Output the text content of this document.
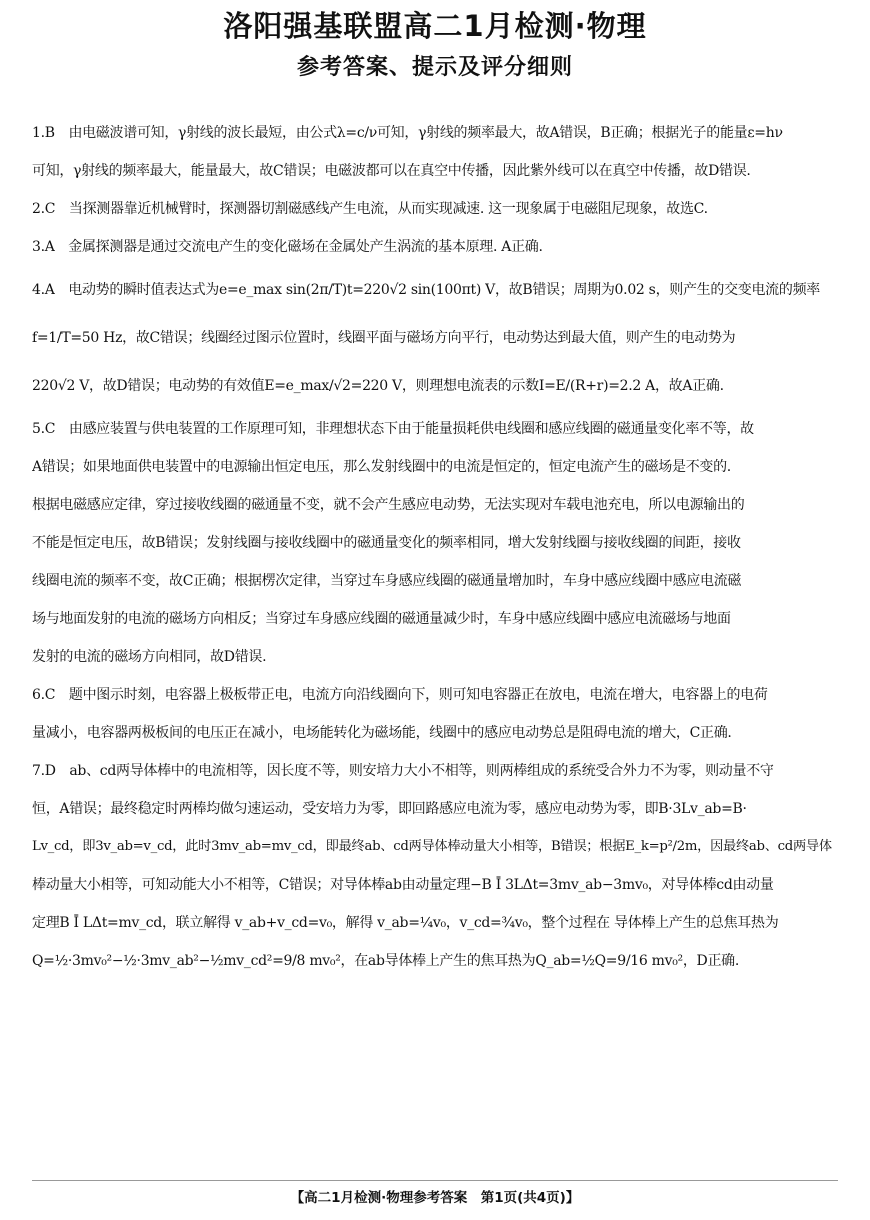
洛阳强基联盟高二1月检测·物理
参考答案、提示及评分细则
1.B　由电磁波谱可知，γ射线的波长最短，由公式λ=c/ν可知，γ射线的频率最大，故A错误，B正确；根据光子的能量ε=hν
可知，γ射线的频率最大，能量最大，故C错误；电磁波都可以在真空中传播，因此紫外线可以在真空中传播，故D错误.
2.C　当探测器靠近机械臂时，探测器切割磁感线产生电流，从而实现减速. 这一现象属于电磁阻尼现象，故选C.
3.A　金属探测器是通过交流电产生的变化磁场在金属处产生涡流的基本原理. A正确.
4.A　电动势的瞬时值表达式为e=e_max sin(2π/T)t=220√2 sin(100πt) V，故B错误；周期为0.02 s，则产生的交变电流的频率
f=1/T=50 Hz，故C错误；线圈经过图示位置时，线圈平面与磁场方向平行，电动势达到最大值，则产生的电动势为
220√2 V，故D错误；电动势的有效值E=e_max/√2=220 V，则理想电流表的示数I=E/(R+r)=2.2 A，故A正确.
5.C　由感应装置与供电装置的工作原理可知，非理想状态下由于能量损耗供电线圈和感应线圈的磁通量变化率不等，故
A错误；如果地面供电装置中的电源输出恒定电压，那么发射线圈中的电流是恒定的，恒定电流产生的磁场是不变的.
根据电磁感应定律，穿过接收线圈的磁通量不变，就不会产生感应电动势，无法实现对车载电池充电，所以电源输出的
不能是恒定电压，故B错误；发射线圈与接收线圈中的磁通量变化的频率相同，增大发射线圈与接收线圈的间距，接收
线圈电流的频率不变，故C正确；根据楞次定律，当穿过车身感应线圈的磁通量增加时，车身中感应线圈中感应电流磁
场与地面发射的电流的磁场方向相反；当穿过车身感应线圈的磁通量减少时，车身中感应线圈中感应电流磁场与地面
发射的电流的磁场方向相同，故D错误.
6.C　题中图示时刻，电容器上极板带正电，电流方向沿线圈向下，则可知电容器正在放电，电流在增大，电容器上的电荷
量减小，电容器两极板间的电压正在减小，电场能转化为磁场能，线圈中的感应电动势总是阻碍电流的增大，C正确.
7.D　ab、cd两导体棒中的电流相等，因长度不等，则安培力大小不相等，则两棒组成的系统受合外力不为零，则动量不守
恒，A错误；最终稳定时两棒均做匀速运动，受安培力为零，即回路感应电流为零，感应电动势为零，即B·3Lv_ab=B·
Lv_cd，即3v_ab=v_cd，此时3mv_ab=mv_cd，即最终ab、cd两导体棒动量大小相等，B错误；根据E_k=p²/2m，因最终ab、cd两导体
棒动量大小相等，可知动能大小不相等，C错误；对导体棒ab由动量定理−B Ī 3LΔt=3mv_ab−3mv₀，对导体棒cd由动量
定理B Ī LΔt=mv_cd，联立解得 v_ab+v_cd=v₀，解得 v_ab=¼v₀，v_cd=¾v₀，整个过程在 导体棒上产生的总焦耳热为
Q=½·3mv₀²−½·3mv_ab²−½mv_cd²=9/8 mv₀²，在ab导体棒上产生的焦耳热为Q_ab=½Q=9/16 mv₀²，D正确.
【高二1月检测·物理参考答案　第1页(共4页)】
